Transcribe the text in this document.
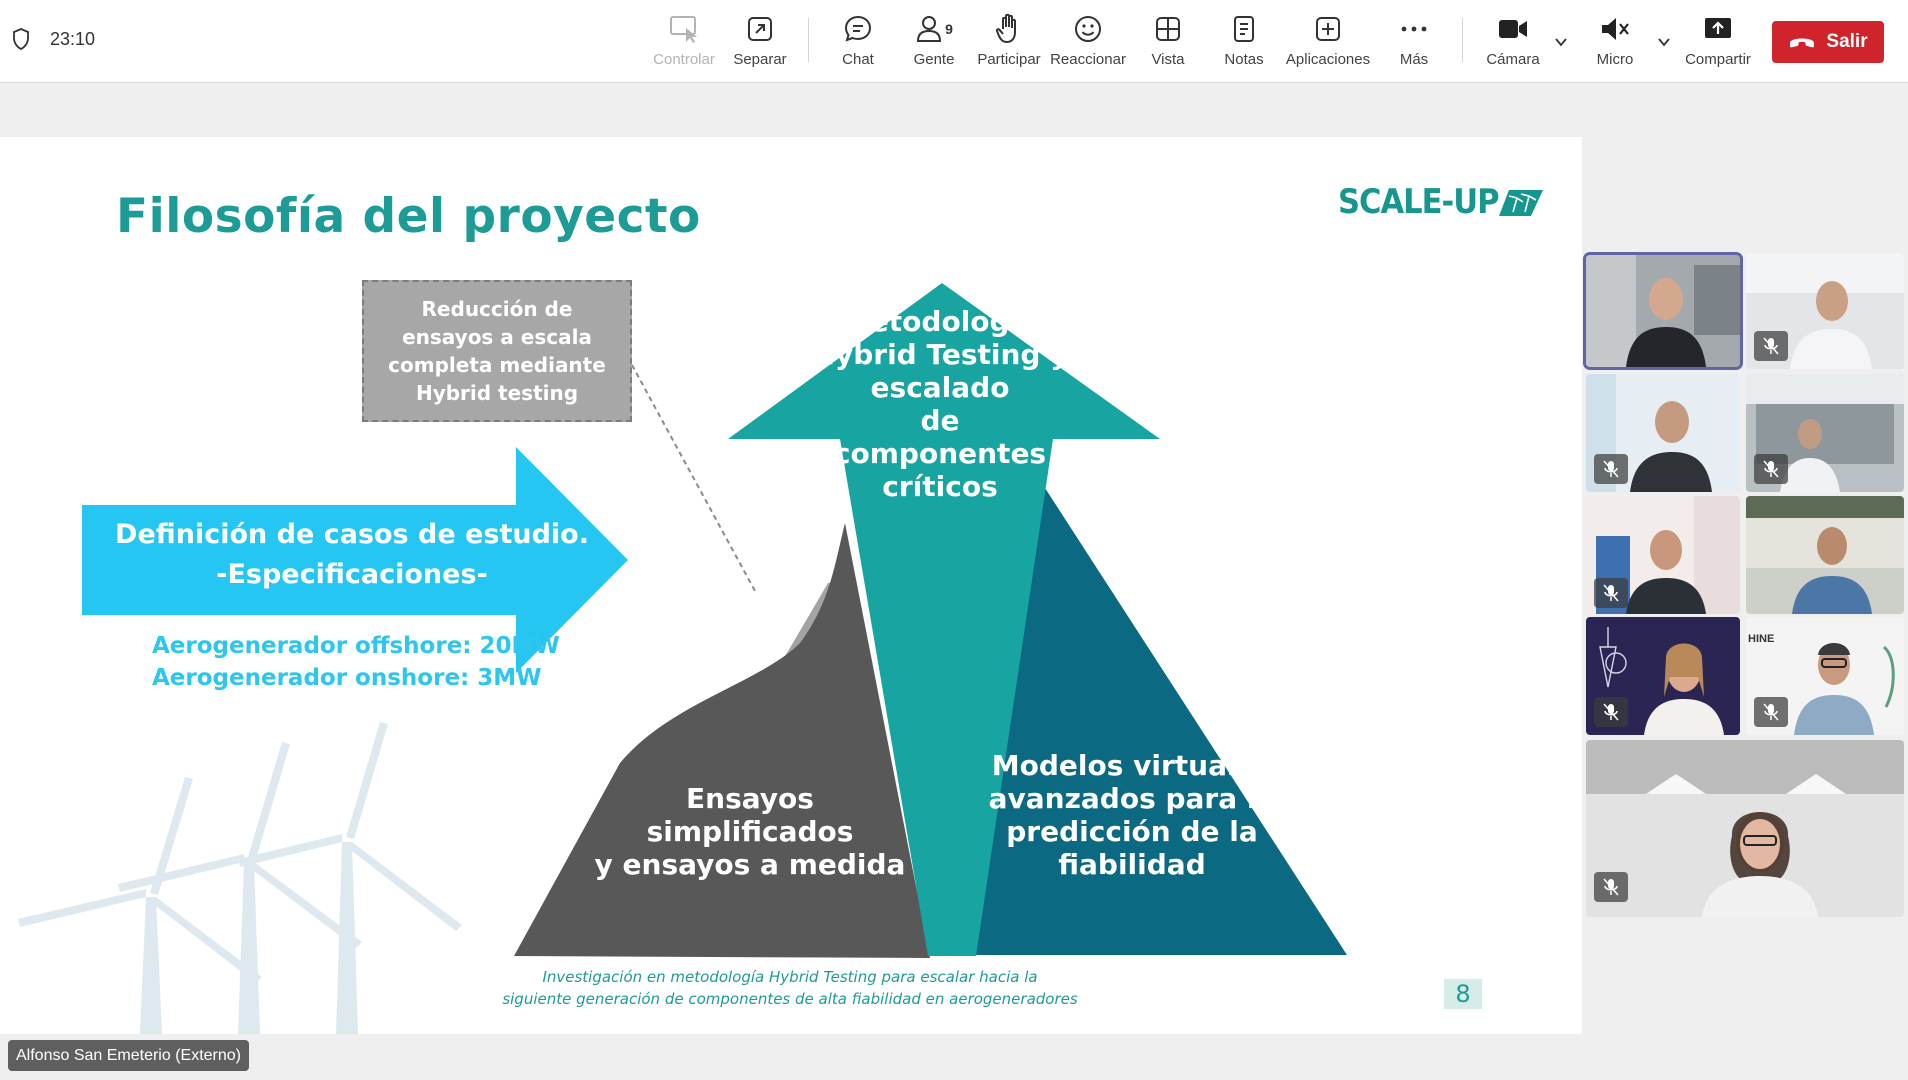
23:10
Controlar Separar	Chat
9
Gente Participar Reaccionar Vista	Notas Aplicaciones Más	Cámara	Micro	Compartir
Salir
Filosofía del proyecto	SCALE-UP
Reducción de ensayos a escala completa mediante Hybrid testing
Definición de casos de estudio.
-Especificaciones-
Aerogenerador offshore: 20MW
Aerogenerador onshore: 3MW
Metodología
Hybrid Testing y
escalado
de
componentes
críticos
Ensayos simplificados
y ensayos a medida
Modelos virtuales
avanzados para la
predicción de la
fiabilidad
Investigación en metodología Hybrid Testing para escalar hacia la
siguiente generación de componentes de alta fiabilidad en aerogeneradores	8
HINE
Alfonso San Emeterio (Externo)
